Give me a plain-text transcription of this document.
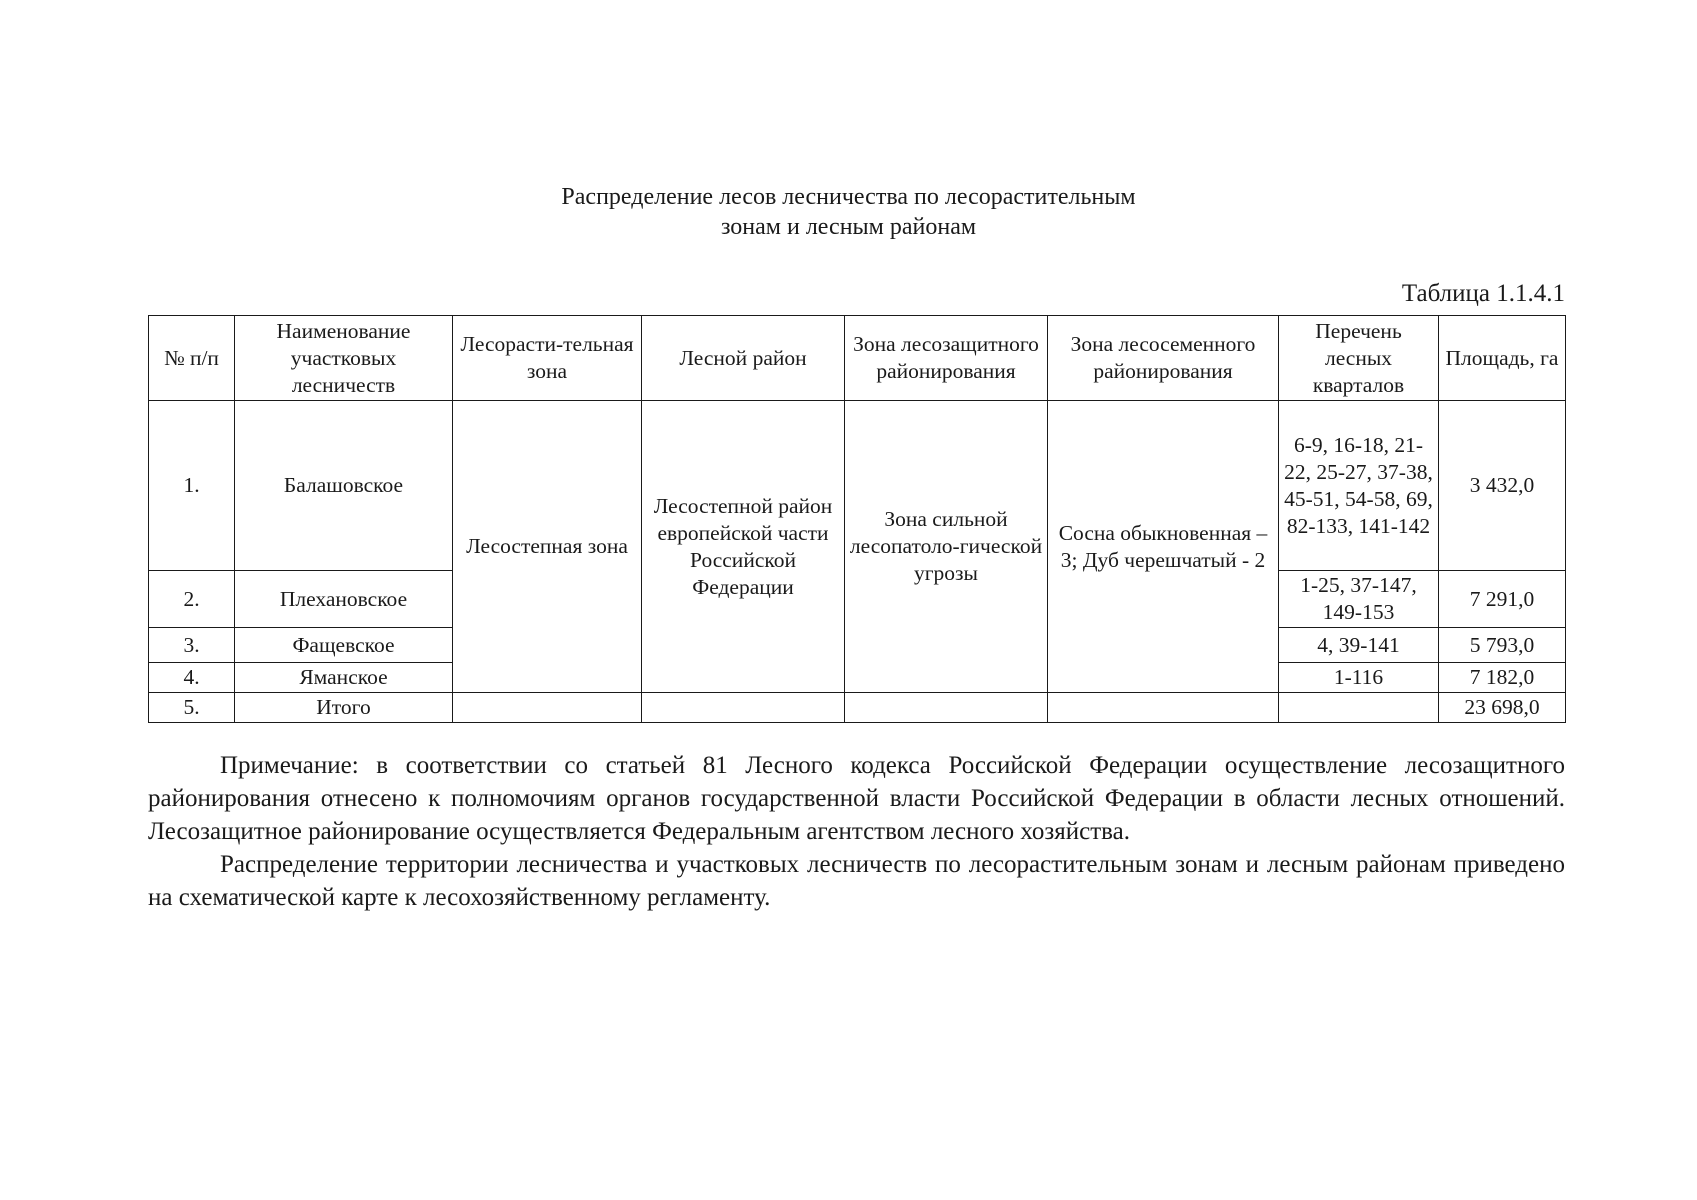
Распределение лесов лесничества по лесорастительным
зонам и лесным районам
Таблица 1.1.4.1
№ п/п	Наименование участковых лесничеств	Лесорасти-тельная зона	Лесной район	Зона лесозащитного районирования	Зона лесосеменного районирования	Перечень лесных кварталов	Площадь, га
1.	Балашовское	Лесостепная зона	Лесостепной район европейской части Российской Федерации	Зона сильной лесопатоло-гической угрозы	Сосна обыкновенная – 3; Дуб черешчатый - 2	6-9, 16-18, 21-22, 25-27, 37-38, 45-51, 54-58, 69, 82-133, 141-142	3 432,0
2.	Плехановское					1-25, 37-147, 149-153	7 291,0
3.	Фащевское					4, 39-141	5 793,0
4.	Яманское					1-116	7 182,0
5.	Итого						23 698,0

Примечание: в соответствии со статьей 81 Лесного кодекса Российской Федерации осуществление лесозащитного районирования отнесено к полномочиям органов государственной власти Российской Федерации в области лесных отношений. Лесозащитное районирование осуществляется Федеральным агентством лесного хозяйства.

Распределение территории лесничества и участковых лесничеств по лесорастительным зонам и лесным районам приведено на схематической карте к лесохозяйственному регламенту.
